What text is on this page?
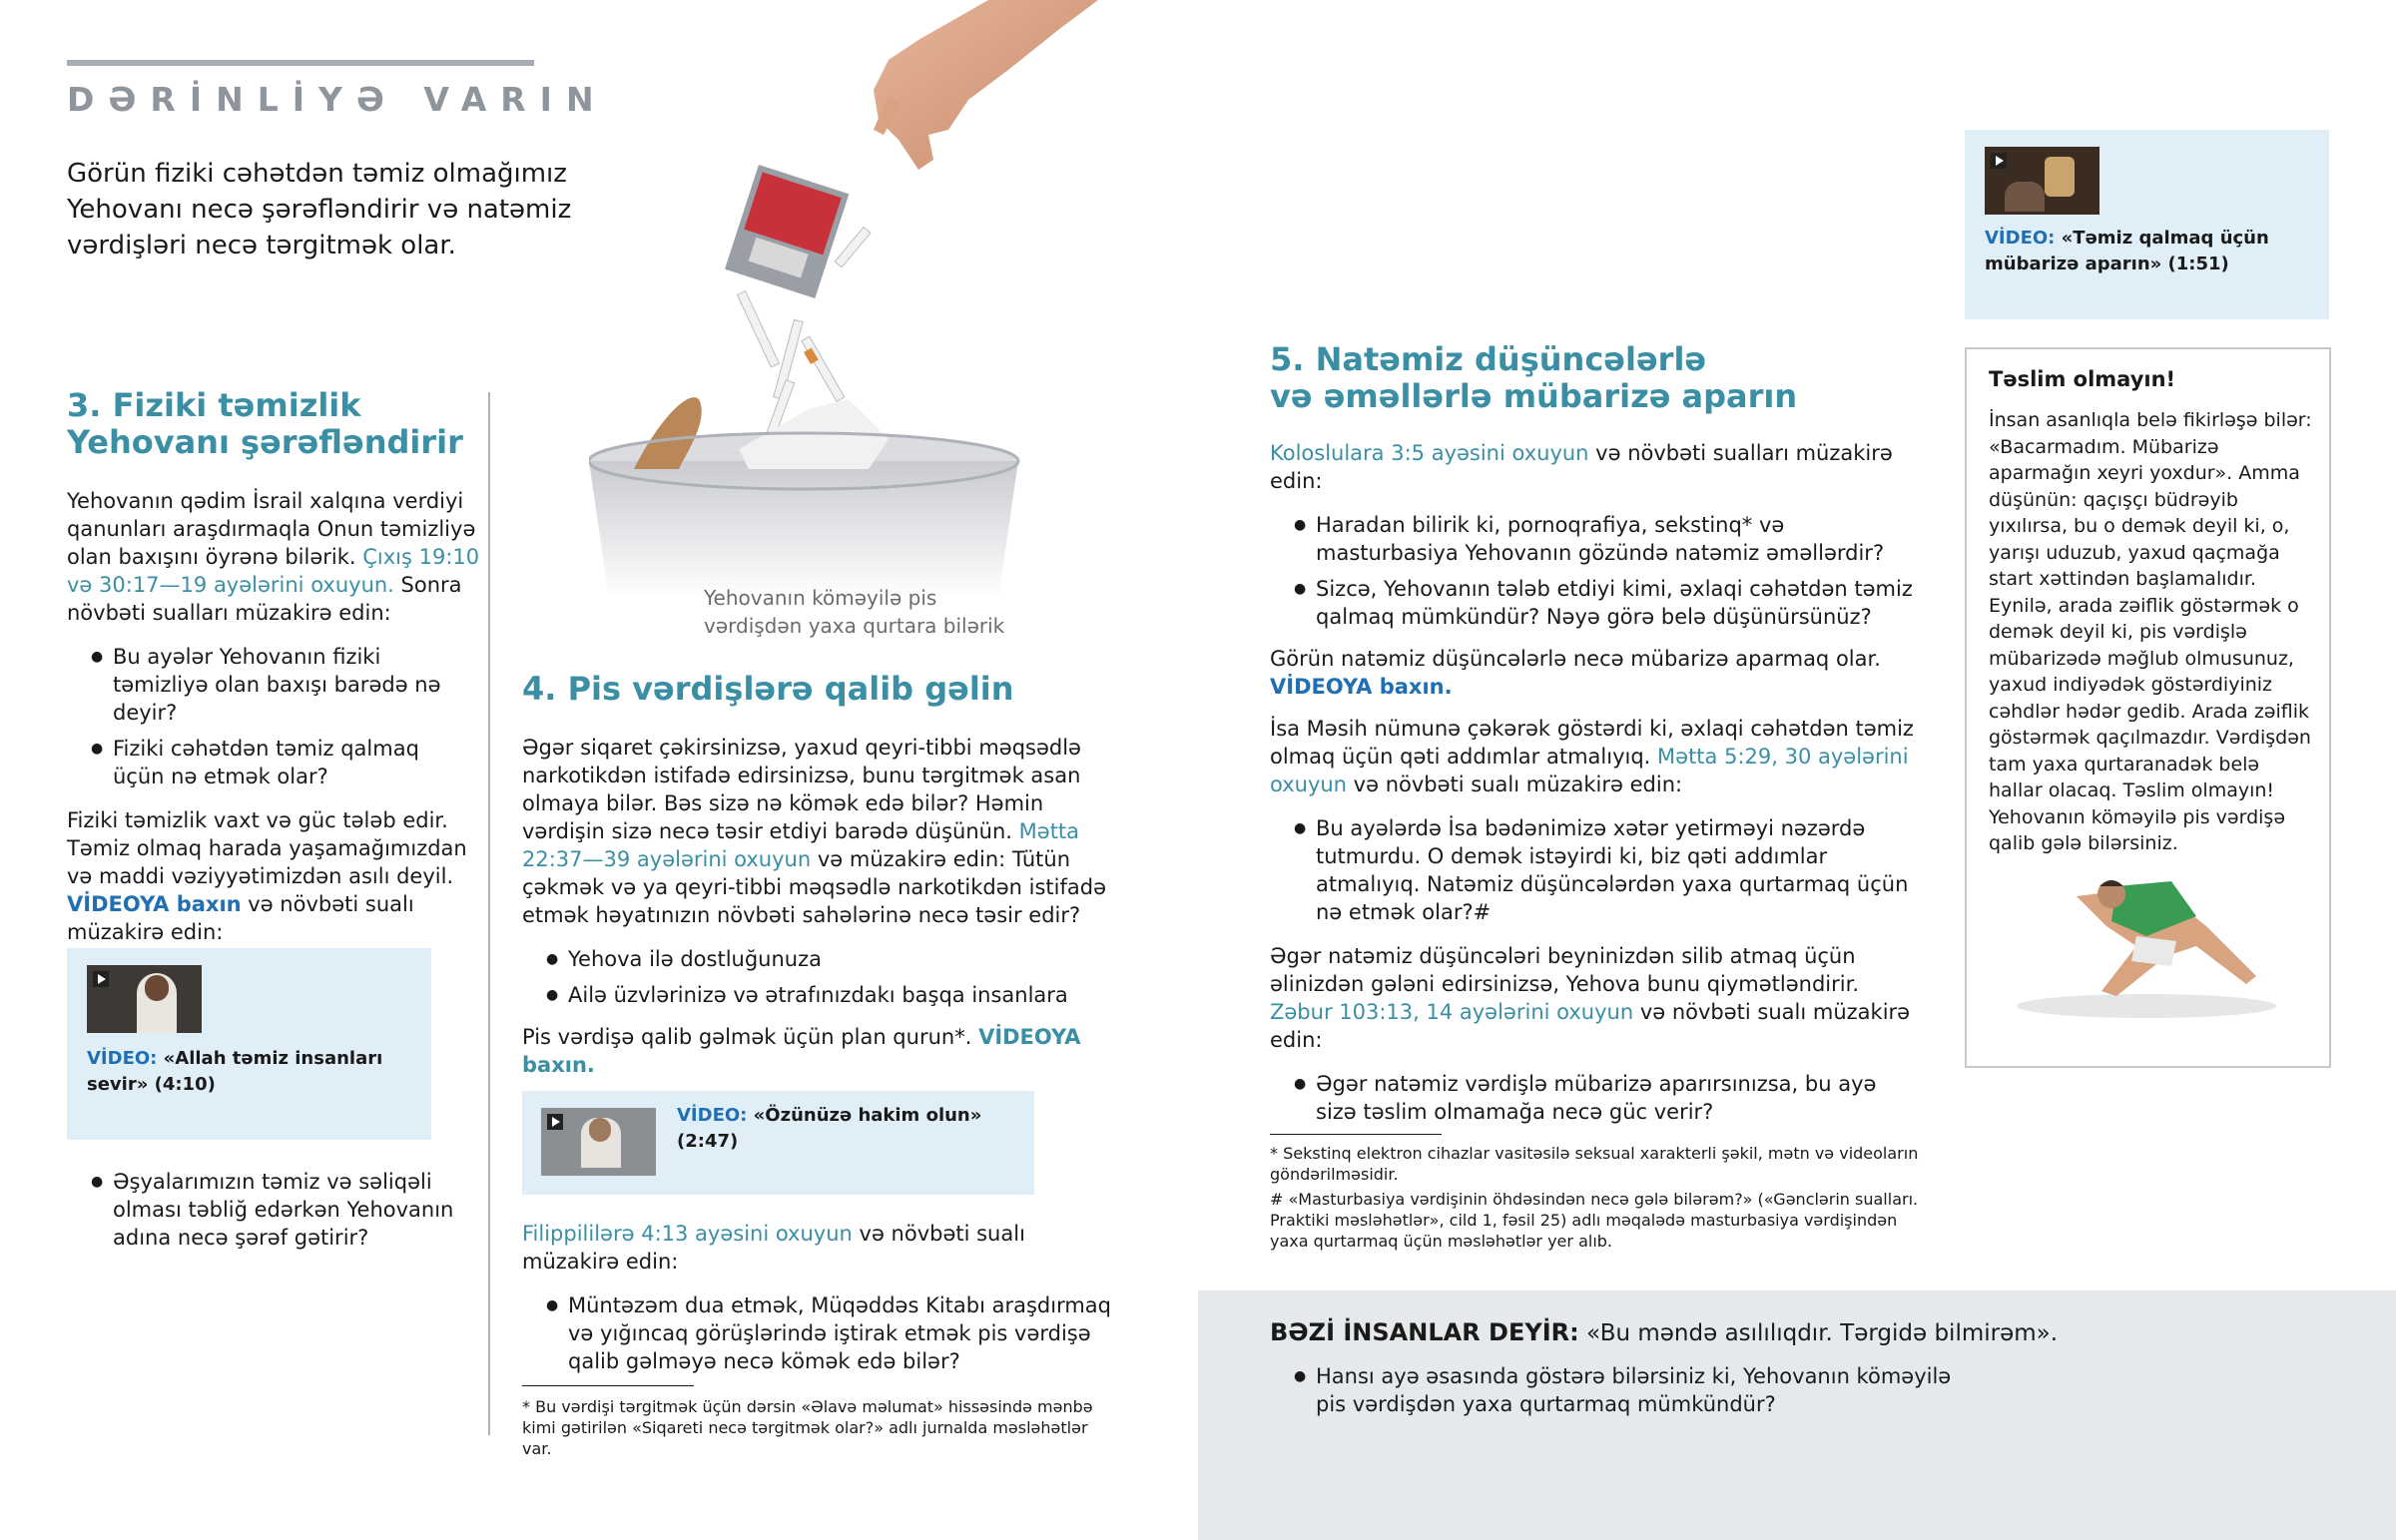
DƏRİNLİYƏ VARIN

Görün fiziki cəhətdən təmiz olmağımız Yehovanı necə şərəfləndirir və natəmiz vərdişləri necə tərgitmək olar.

Yehovanın köməyilə pis vərdişdən yaxa qurtara bilərik

3. Fiziki təmizlik
Yehovanı şərəfləndirir

Yehovanın qədim İsrail xalqına verdiyi qanunları araşdırmaqla Onun təmizliyə olan baxışını öyrənə bilərik. Çıxış 19:10 və 30:17—19 ayələrini oxuyun. Sonra növbəti sualları müzakirə edin:

● Bu ayələr Yehovanın fiziki təmizliyə olan baxışı barədə nə deyir?
● Fiziki cəhətdən təmiz qalmaq üçün nə etmək olar?

Fiziki təmizlik vaxt və güc tələb edir. Təmiz olmaq harada yaşamağımızdan və maddi vəziyyətimizdən asılı deyil. VİDEOYA baxın və növbəti sualı müzakirə edin:

VİDEO: «Allah təmiz insanları sevir» (4:10)

● Əşyalarımızın təmiz və səliqəli olması təbliğ edərkən Yehovanın adına necə şərəf gətirir?
4. Pis vərdişlərə qalib gəlin

Əgər siqaret çəkirsinizsə, yaxud qeyri-tibbi məqsədlə narkotikdən istifadə edirsinizsə, bunu tərgitmək asan olmaya bilər. Bəs sizə nə kömək edə bilər? Həmin vərdişin sizə necə təsir etdiyi barədə düşünün. Mətta 22:37—39 ayələrini oxuyun və müzakirə edin: Tütün çəkmək və ya qeyri-tibbi məqsədlə narkotikdən istifadə etmək həyatınızın növbəti sahələrinə necə təsir edir?

● Yehova ilə dostluğunuza
● Ailə üzvlərinizə və ətrafınızdakı başqa insanlara

Pis vərdişə qalib gəlmək üçün plan qurun*. VİDEOYA baxın.

VİDEO: «Özünüzə hakim olun» (2:47)

Filippililərə 4:13 ayəsini oxuyun və növbəti sualı müzakirə edin:

● Müntəzəm dua etmək, Müqəddəs Kitabı araşdırmaq və yığıncaq görüşlərində iştirak etmək pis vərdişə qalib gəlməyə necə kömək edə bilər?

* Bu vərdişi tərgitmək üçün dərsin «Əlavə məlumat» hissəsində mənbə kimi gətirilən «Siqareti necə tərgitmək olar?» adlı jurnalda məsləhətlər var.

5. Natəmiz düşüncələrlə
və əməllərlə mübarizə aparın

Koloslulara 3:5 ayəsini oxuyun və növbəti sualları müzakirə edin:

● Haradan bilirik ki, pornoqrafiya, sekstinq* və masturbasiya Yehovanın gözündə natəmiz əməllərdir?
● Sizcə, Yehovanın tələb etdiyi kimi, əxlaqi cəhətdən təmiz qalmaq mümkündür? Nəyə görə belə düşünürsünüz?

Görün natəmiz düşüncələrlə necə mübarizə aparmaq olar. VİDEOYA baxın.

İsa Məsih nümunə çəkərək göstərdi ki, əxlaqi cəhətdən təmiz olmaq üçün qəti addımlar atmalıyıq. Mətta 5:29, 30 ayələrini oxuyun və növbəti sualı müzakirə edin:

● Bu ayələrdə İsa bədənimizə xətər yetirməyi nəzərdə tutmurdu. O demək istəyirdi ki, biz qəti addımlar atmalıyıq. Natəmiz düşüncələrdən yaxa qurtarmaq üçün nə etmək olar?#

Əgər natəmiz düşüncələri beyninizdən silib atmaq üçün əlinizdən gələni edirsinizsə, Yehova bunu qiymətləndirir. Zəbur 103:13, 14 ayələrini oxuyun və növbəti sualı müzakirə edin:

● Əgər natəmiz vərdişlə mübarizə aparırsınızsa, bu ayə sizə təslim olmamağa necə güc verir?

* Sekstinq elektron cihazlar vasitəsilə seksual xarakterli şəkil, mətn və videoların göndərilməsidir.

# «Masturbasiya vərdişinin öhdəsindən necə gələ bilərəm?» («Gənclərin sualları. Praktiki məsləhətlər», cild 1, fəsil 25) adlı məqalədə masturbasiya vərdişindən yaxa qurtarmaq üçün məsləhətlər yer alıb.

VİDEO: «Təmiz qalmaq üçün mübarizə aparın» (1:51)

Təslim olmayın!

İnsan asanlıqla belə fikirləşə bilər: «Bacarmadım. Mübarizə aparmağın xeyri yoxdur». Amma düşünün: qaçışçı büdrəyib yıxılırsa, bu o demək deyil ki, o, yarışı uduzub, yaxud qaçmağa start xəttindən başlamalıdır. Eynilə, arada zəiflik göstərmək o demək deyil ki, pis vərdişlə mübarizədə məğlub olmusunuz, yaxud indiyədək göstərdiyiniz cəhdlər hədər gedib. Arada zəiflik göstərmək qaçılmazdır. Vərdişdən tam yaxa qurtaranadək belə hallar olacaq. Təslim olmayın! Yehovanın köməyilə pis vərdişə qalib gələ bilərsiniz.

BƏZİ İNSANLAR DEYİR: «Bu məndə asılılıqdır. Tərgidə bilmirəm».

● Hansı ayə əsasında göstərə bilərsiniz ki, Yehovanın köməyilə pis vərdişdən yaxa qurtarmaq mümkündür?
